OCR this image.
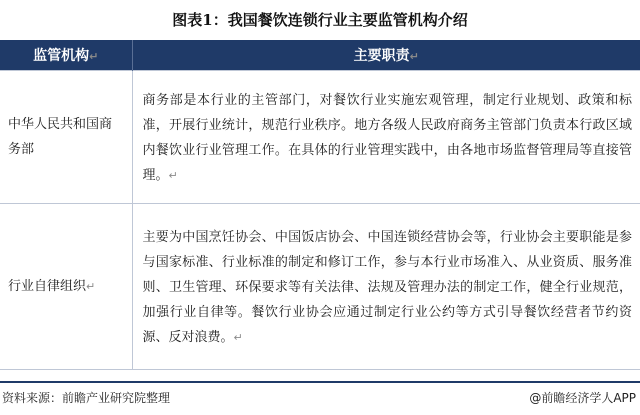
图表1：我国餐饮连锁行业主要监管机构介绍
监管机构↵	主要职责↵
中华人民共和国商务部	商务部是本行业的主管部门，对餐饮行业实施宏观管理，制定行业规划、政策和标准，开展行业统计，规范行业秩序。地方各级人民政府商务主管部门负责本行政区域内餐饮业行业管理工作。在具体的行业管理实践中，由各地市场监督管理局等直接管理。↵
行业自律组织↵	主要为中国烹饪协会、中国饭店协会、中国连锁经营协会等，行业协会主要职能是参与国家标准、行业标准的制定和修订工作，参与本行业市场准入、从业资质、服务准则、卫生管理、环保要求等有关法律、法规及管理办法的制定工作，健全行业规范，加强行业自律等。餐饮行业协会应通过制定行业公约等方式引导餐饮经营者节约资源、反对浪费。↵
资料来源：前瞻产业研究院整理	@前瞻经济学人APP
